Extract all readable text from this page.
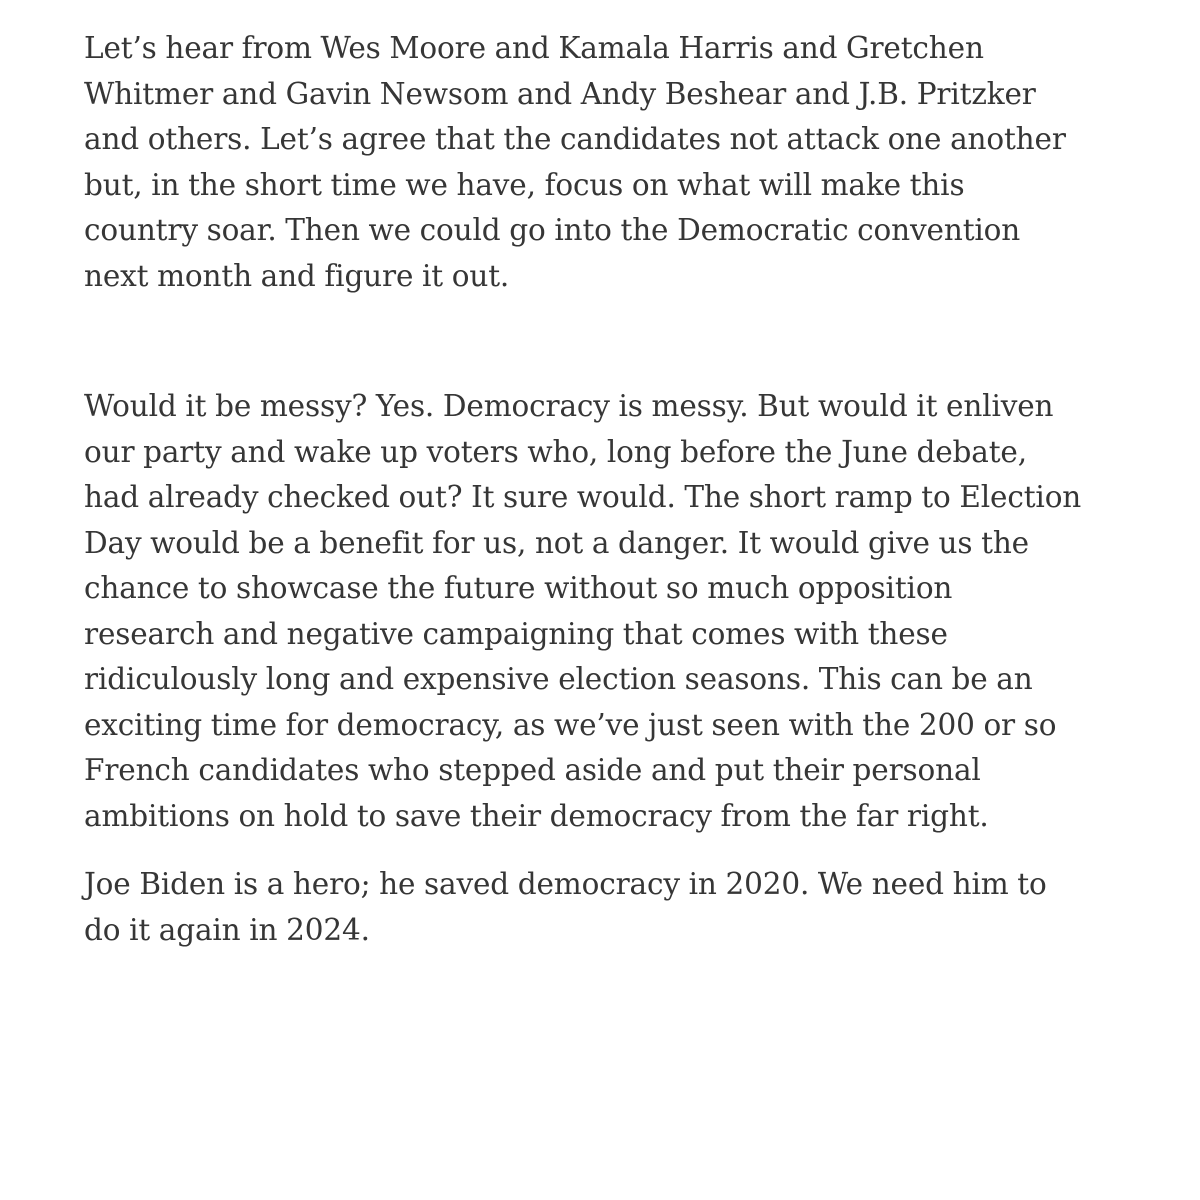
Let’s hear from Wes Moore and Kamala Harris and Gretchen
Whitmer and Gavin Newsom and Andy Beshear and J.B. Pritzker
and others. Let’s agree that the candidates not attack one another
but, in the short time we have, focus on what will make this
country soar. Then we could go into the Democratic convention
next month and figure it out.

Would it be messy? Yes. Democracy is messy. But would it enliven
our party and wake up voters who, long before the June debate,
had already checked out? It sure would. The short ramp to Election
Day would be a benefit for us, not a danger. It would give us the
chance to showcase the future without so much opposition
research and negative campaigning that comes with these
ridiculously long and expensive election seasons. This can be an
exciting time for democracy, as we’ve just seen with the 200 or so
French candidates who stepped aside and put their personal
ambitions on hold to save their democracy from the far right.

Joe Biden is a hero; he saved democracy in 2020. We need him to
do it again in 2024.
